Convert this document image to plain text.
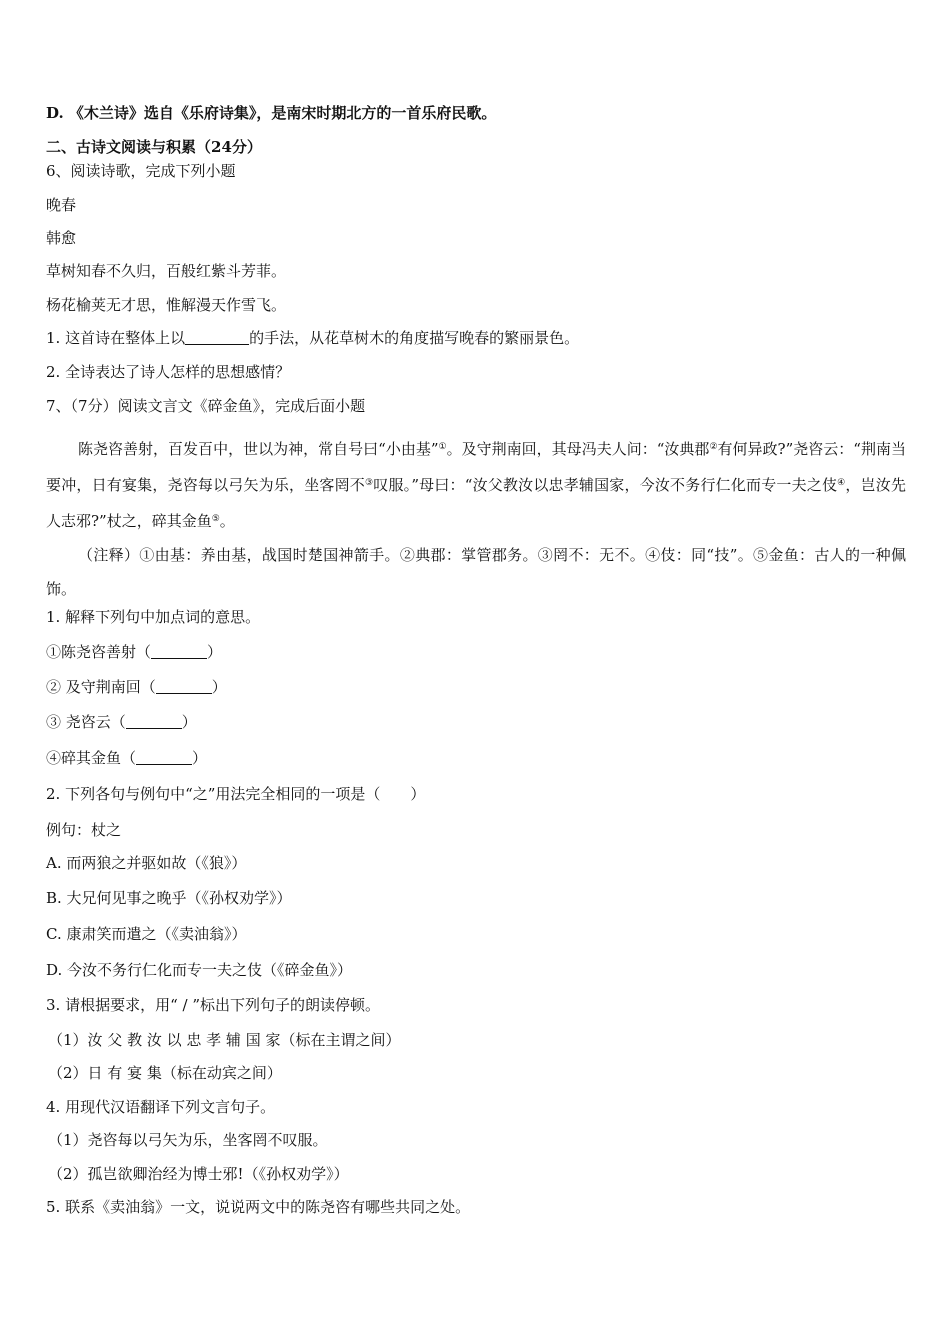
D. 《木兰诗》选自《乐府诗集》，是南宋时期北方的一首乐府民歌。
二、古诗文阅读与积累（24分）
6、阅读诗歌，完成下列小题
晚春
韩愈
草树知春不久归，百般红紫斗芳菲。
杨花榆荚无才思，惟解漫天作雪飞。
1. 这首诗在整体上以	的手法，从花草树木的角度描写晚春的繁丽景色。
2. 全诗表达了诗人怎样的思想感情？
7、（7分）阅读文言文《碎金鱼》，完成后面小题
陈尧咨善射，百发百中，世以为神，常自号曰“小由基”①。及守荆南回，其母冯夫人问：“汝典郡②有何异政?”尧咨云：“荆南当要冲，日有宴集，尧咨每以弓矢为乐，坐客罔不③叹服。”母曰：“汝父教汝以忠孝辅国家，今汝不务行仁化而专一夫之伎④，岂汝先人志邪?”杖之，碎其金鱼⑤。
（注释）①由基：养由基，战国时楚国神箭手。②典郡：掌管郡务。③罔不：无不。④伎：同“技”。⑤金鱼：古人的一种佩饰。
1. 解释下列句中加点词的意思。
①陈尧咨善射（	）
② 及守荆南回（	）
③ 尧咨云（	）
④碎其金鱼（	）
2. 下列各句与例句中“之”用法完全相同的一项是（　　）
例句：杖之
A. 而两狼之并驱如故（《狼》）
B. 大兄何见事之晚乎（《孙权劝学》）
C. 康肃笑而遣之（《卖油翁》）
D. 今汝不务行仁化而专一夫之伎（《碎金鱼》）
3. 请根据要求，用“ / ”标出下列句子的朗读停顿。
（1）汝 父 教 汝 以 忠 孝 辅 国 家（标在主谓之间）
（2）日 有 宴 集（标在动宾之间）
4. 用现代汉语翻译下列文言句子。
（1）尧咨每以弓矢为乐，坐客罔不叹服。
（2）孤岂欲卿治经为博士邪!（《孙权劝学》）
5. 联系《卖油翁》一文，说说两文中的陈尧咨有哪些共同之处。
